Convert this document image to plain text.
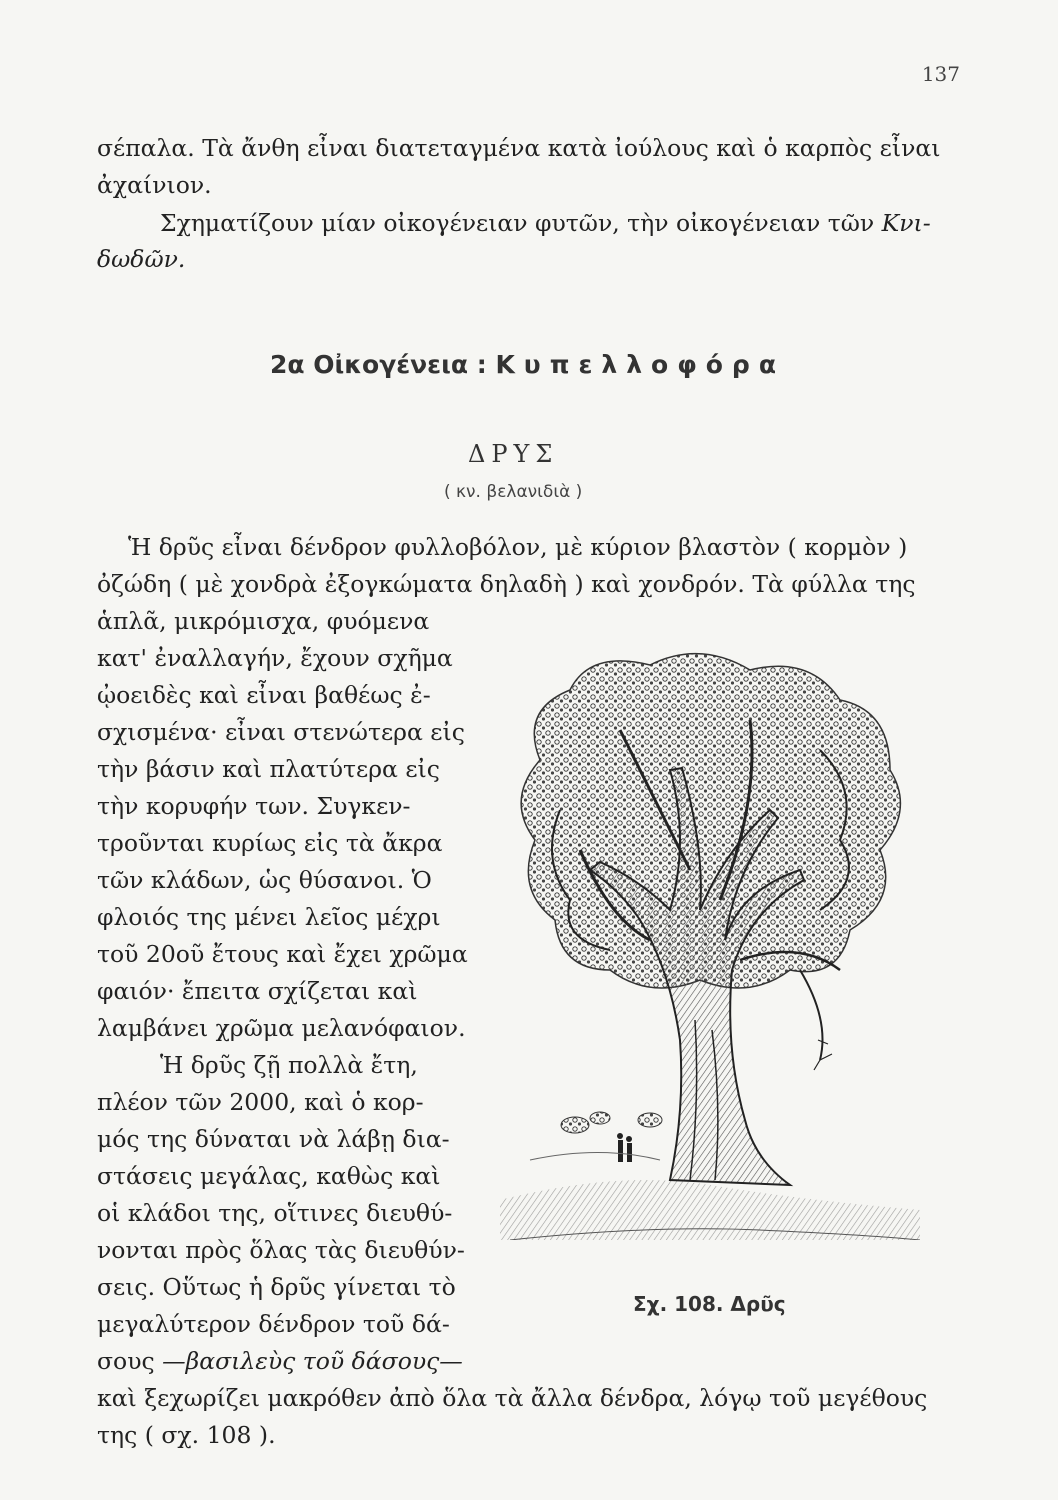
137
σέπαλα. Τὰ ἄνθη εἶναι διατεταγμένα κατὰ ἰούλους καὶ ὁ καρπὸς εἶναι
ἀχαίνιον.
Σχηματίζουν μίαν οἰκογένειαν φυτῶν, τὴν οἰκογένειαν τῶν Κνι-
δωδῶν.
2α Οἰκογένεια : Κυπελλοφόρα
ΔΡΥΣ
( κν. βελανιδιὰ )
Ἡ δρῦς εἶναι δένδρον φυλλοβόλον, μὲ κύριον βλαστὸν ( κορμὸν )
ὀζώδη ( μὲ χονδρὰ ἐξογκώματα δηλαδὴ ) καὶ χονδρόν. Τὰ φύλλα της
ἁπλᾶ, μικρόμισχα, φυόμενα
κατ' ἐναλλαγήν, ἔχουν σχῆμα
ᾠοειδὲς καὶ εἶναι βαθέως ἐ-
σχισμένα· εἶναι στενώτερα εἰς
τὴν βάσιν καὶ πλατύτερα εἰς
τὴν κορυφήν των. Συγκεν-
τροῦνται κυρίως εἰς τὰ ἄκρα
τῶν κλάδων, ὡς θύσανοι. Ὁ
φλοιός της μένει λεῖος μέχρι
τοῦ 20οῦ ἔτους καὶ ἔχει χρῶμα
φαιόν· ἔπειτα σχίζεται καὶ
λαμβάνει χρῶμα μελανόφαιον.
Ἡ δρῦς ζῇ πολλὰ ἔτη,
πλέον τῶν 2000, καὶ ὁ κορ-
μός της δύναται νὰ λάβῃ δια-
στάσεις μεγάλας, καθὼς καὶ
οἱ κλάδοι της, οἵτινες διευθύ-
νονται πρὸς ὅλας τὰς διευθύν-
σεις. Οὕτως ἡ δρῦς γίνεται τὸ
μεγαλύτερον δένδρον τοῦ δά-
σους —βασιλεὺς τοῦ δάσους—
καὶ ξεχωρίζει μακρόθεν ἀπὸ ὅλα τὰ ἄλλα δένδρα, λόγῳ τοῦ μεγέθους
της ( σχ. 108 ).
Σχ. 108. Δρῦς
